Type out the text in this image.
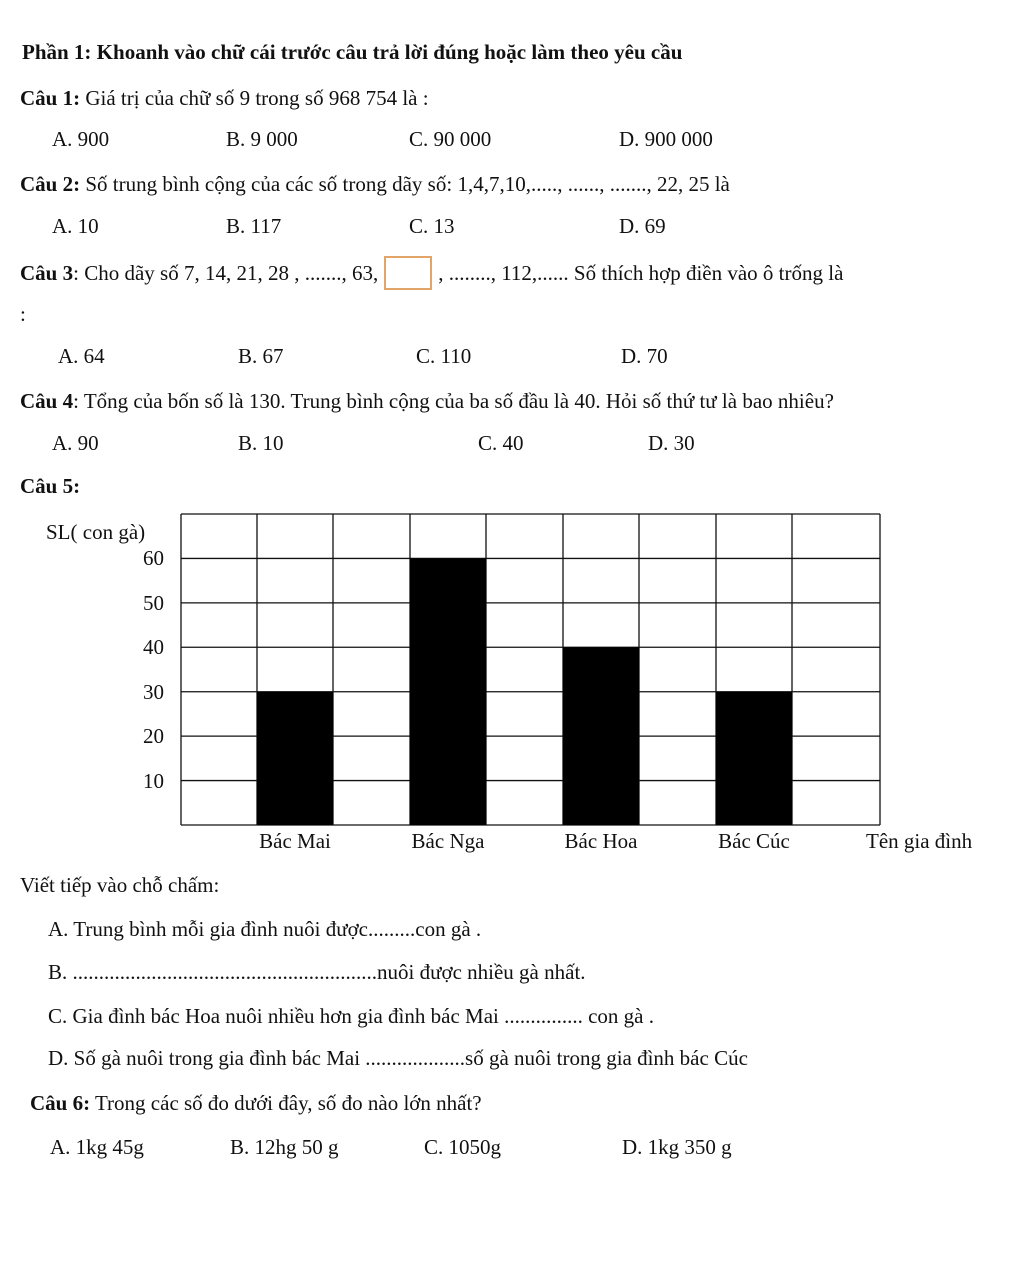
Phần 1: Khoanh vào chữ cái trước câu trả lời đúng hoặc làm theo yêu cầu
Câu 1: Giá trị của chữ số 9 trong số 968 754 là :
A. 900	B. 9 000	C. 90 000	D. 900 000
Câu 2: Số trung bình cộng của các số trong dãy số: 1,4,7,10,....., ......, ......., 22, 25 là
A. 10	B. 117	C. 13	D. 69
Câu 3: Cho dãy số 7, 14, 21, 28 , ......., 63,	, ........, 112,...... Số thích hợp điền vào ô trống là
:
A. 64	B. 67	C. 110	D. 70
Câu 4: Tổng của bốn số là 130. Trung bình cộng của ba số đầu là 40. Hỏi số thứ tư là bao nhiêu?
A. 90	B. 10	C. 40	D. 30
Câu 5:
SL( con gà)
10
20
30
40
50
60
Bác Mai	Bác Nga	Bác Hoa	Bác Cúc	Tên gia đình
Viết tiếp vào chỗ chấm:
A. Trung bình mỗi gia đình nuôi được.........con gà .
B. ..........................................................nuôi được nhiều gà nhất.
C. Gia đình bác Hoa nuôi nhiều hơn gia đình bác Mai ............... con gà .
D. Số gà nuôi trong gia đình bác Mai ...................số gà nuôi trong gia đình bác Cúc
Câu 6: Trong các số đo dưới đây, số đo nào lớn nhất?
A. 1kg 45g	B. 12hg 50 g	C. 1050g	D. 1kg 350 g
